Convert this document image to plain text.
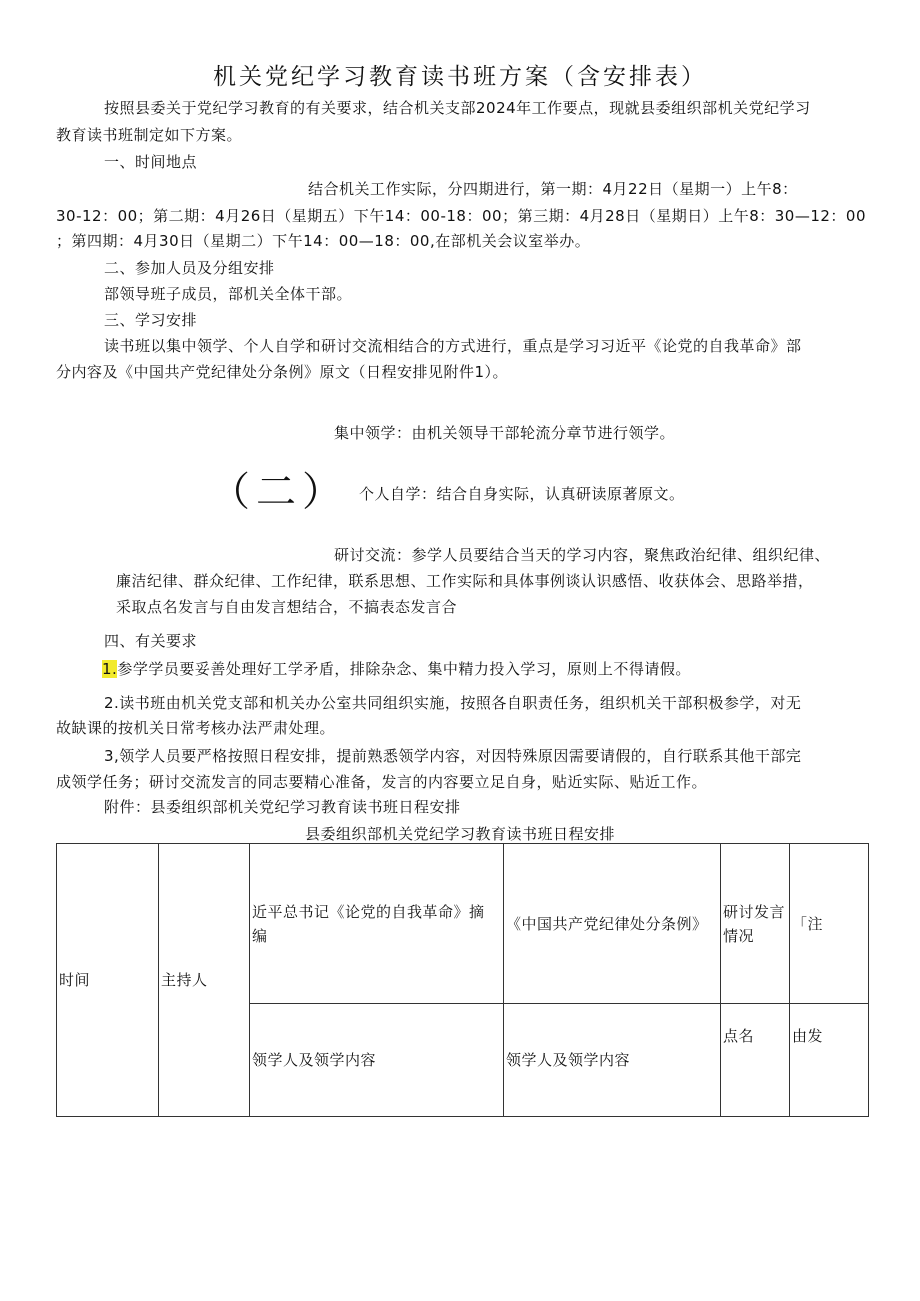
机关党纪学习教育读书班方案（含安排表）
按照县委关于党纪学习教育的有关要求，结合机关支部2024年工作要点，现就县委组织部机关党纪学习
教育读书班制定如下方案。
一、时间地点
结合机关工作实际，分四期进行，第一期：4月22日（星期一）上午8：
30-12：00；第二期：4月26日（星期五）下午14：00-18：00；第三期：4月28日（星期日）上午8：30—12：00
；第四期：4月30日（星期二）下午14：00—18：00,在部机关会议室举办。
二、参加人员及分组安排
部领导班子成员，部机关全体干部。
三、学习安排
读书班以集中领学、个人自学和研讨交流相结合的方式进行，重点是学习习近平《论党的自我革命》部
分内容及《中国共产党纪律处分条例》原文（日程安排见附件1）。
集中领学：由机关领导干部轮流分章节进行领学。
（二） 个人自学：结合自身实际，认真研读原著原文。
研讨交流：参学人员要结合当天的学习内容，聚焦政治纪律、组织纪律、
廉洁纪律、群众纪律、工作纪律，联系思想、工作实际和具体事例谈认识感悟、收获体会、思路举措，
采取点名发言与自由发言想结合，不搞表态发言合
四、有关要求
1.参学学员要妥善处理好工学矛盾，排除杂念、集中精力投入学习，原则上不得请假。
2.读书班由机关党支部和机关办公室共同组织实施，按照各自职责任务，组织机关干部积极参学，对无
故缺课的按机关日常考核办法严肃处理。
3,领学人员要严格按照日程安排，提前熟悉领学内容，对因特殊原因需要请假的，自行联系其他干部完
成领学任务；研讨交流发言的同志要精心准备，发言的内容要立足自身，贴近实际、贴近工作。
附件：县委组织部机关党纪学习教育读书班日程安排
县委组织部机关党纪学习教育读书班日程安排
时间	主持人	近平总书记《论党的自我革命》摘编	《中国共产党纪律处分条例》	研讨发言情况	「注
		领学人及领学内容	领学人及领学内容	点名	由发
